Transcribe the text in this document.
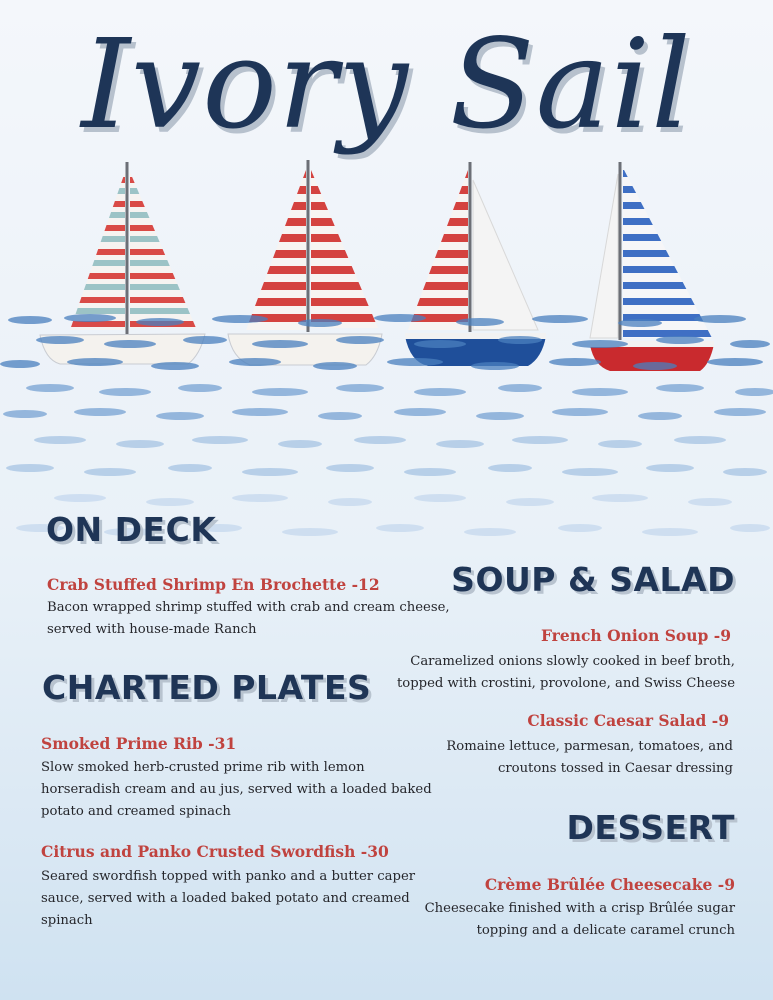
Ivory Sail
ON DECK

Crab Stuffed Shrimp En Brochette -12

Bacon wrapped shrimp stuffed with crab and cream cheese, served with house-made Ranch

CHARTED PLATES

Smoked Prime Rib -31

Slow smoked herb-crusted prime rib with lemon horseradish cream and au jus, served with a loaded baked potato and creamed spinach

Citrus and Panko Crusted Swordfish -30

Seared swordfish topped with panko and a butter caper sauce, served with a loaded baked potato and creamed spinach

SOUP & SALAD

French Onion Soup -9

Caramelized onions slowly cooked in beef broth, topped with crostini, provolone, and Swiss Cheese

Classic Caesar Salad -9

Romaine lettuce, parmesan, tomatoes, and croutons tossed in Caesar dressing

DESSERT

Crème Brûlée Cheesecake -9

Cheesecake finished with a crisp Brûlée sugar topping and a delicate caramel crunch
